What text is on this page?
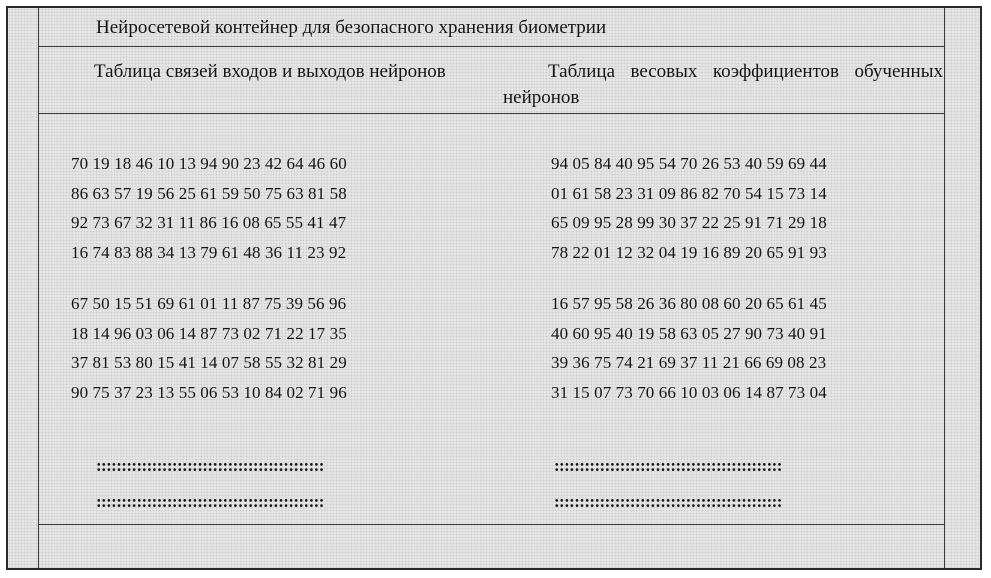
Нейросетевой контейнер для безопасного хранения биометрии
Таблица связей входов и выходов нейронов	Таблица весовых коэффициентов обученных нейронов
70 19 18 46 10 13 94 90 23 42 64 46 60
86 63 57 19 56 25 61 59 50 75 63 81 58
92 73 67 32 31 11 86 16 08 65 55 41 47
16 74 83 88 34 13 79 61 48 36 11 23 92
67 50 15 51 69 61 01 11 87 75 39 56 96
18 14 96 03 06 14 87 73 02 71 22 17 35
37 81 53 80 15 41 14 07 58 55 32 81 29
90 75 37 23 13 55 06 53 10 84 02 71 96
94 05 84 40 95 54 70 26 53 40 59 69 44
01 61 58 23 31 09 86 82 70 54 15 73 14
65 09 95 28 99 30 37 22 25 91 71 29 18
78 22 01 12 32 04 19 16 89 20 65 91 93
16 57 95 58 26 36 80 08 60 20 65 61 45
40 60 95 40 19 58 63 05 27 90 73 40 91
39 36 75 74 21 69 37 11 21 66 69 08 23
31 15 07 73 70 66 10 03 06 14 87 73 04
:::::::::::::::::::::::::::::::::::::::::::::
:::::::::::::::::::::::::::::::::::::::::::::
:::::::::::::::::::::::::::::::::::::::::::::
:::::::::::::::::::::::::::::::::::::::::::::
